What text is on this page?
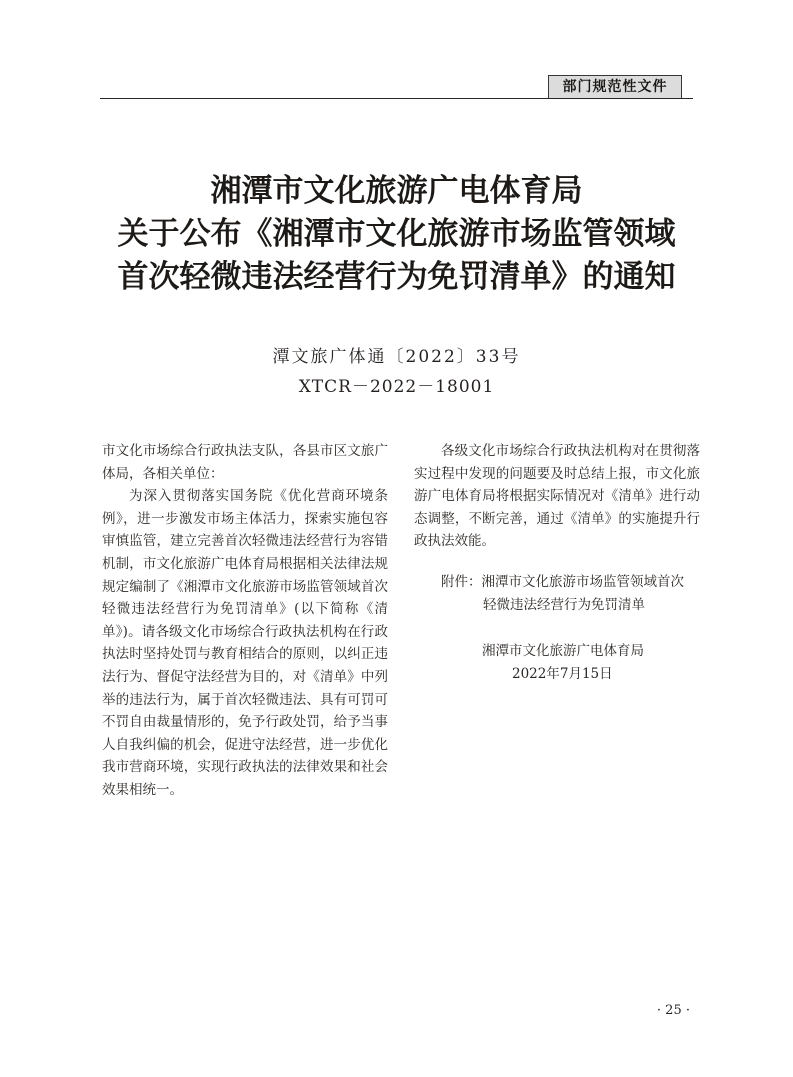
部门规范性文件
湘潭市文化旅游广电体育局
关于公布《湘潭市文化旅游市场监管领域
首次轻微违法经营行为免罚清单》的通知
潭文旅广体通〔2022〕33号
XTCR－2022－18001

市文化市场综合行政执法支队，各县市区文旅广体局，各相关单位：

为深入贯彻落实国务院《优化营商环境条例》，进一步激发市场主体活力，探索实施包容审慎监管，建立完善首次轻微违法经营行为容错机制，市文化旅游广电体育局根据相关法律法规规定编制了《湘潭市文化旅游市场监管领域首次轻微违法经营行为免罚清单》(以下简称《清单》)。请各级文化市场综合行政执法机构在行政执法时坚持处罚与教育相结合的原则，以纠正违法行为、督促守法经营为目的，对《清单》中列举的违法行为，属于首次轻微违法、具有可罚可不罚自由裁量情形的，免予行政处罚，给予当事人自我纠偏的机会，促进守法经营，进一步优化我市营商环境，实现行政执法的法律效果和社会效果相统一。

各级文化市场综合行政执法机构对在贯彻落实过程中发现的问题要及时总结上报，市文化旅游广电体育局将根据实际情况对《清单》进行动态调整，不断完善，通过《清单》的实施提升行政执法效能。

附件：湘潭市文化旅游市场监管领域首次

轻微违法经营行为免罚清单

湘潭市文化旅游广电体育局

2022年7月15日

· 25 ·
